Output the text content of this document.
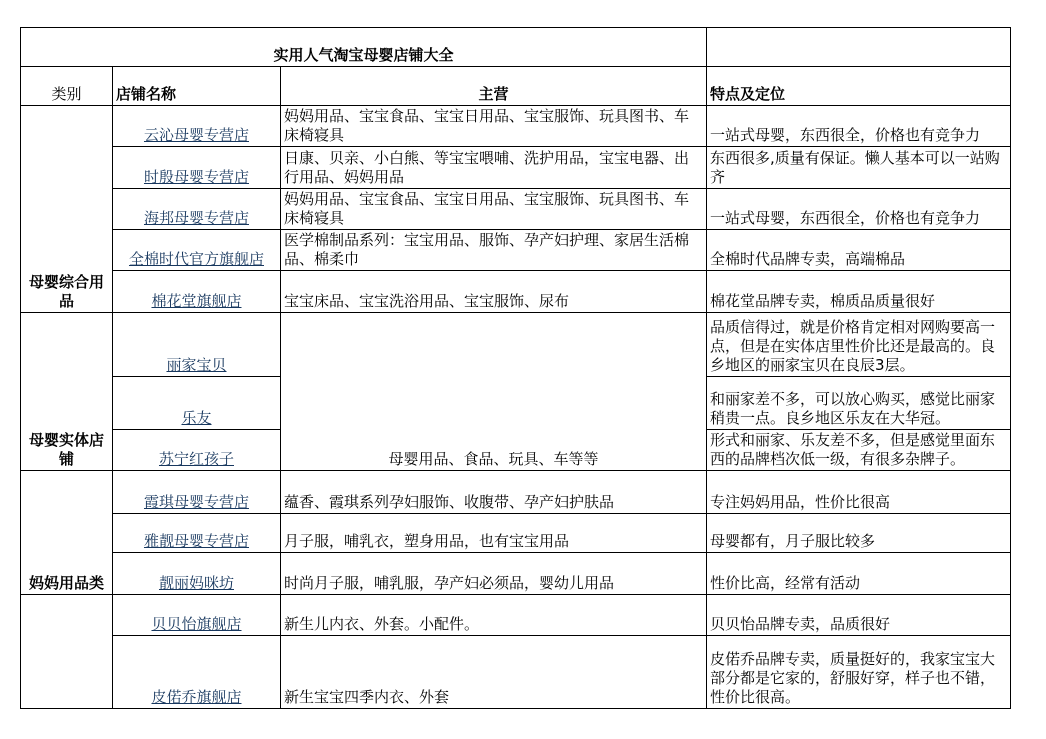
实用人气淘宝母婴店铺大全			
类别	店铺名称	主营	特点及定位
母婴综合用品	云沁母婴专营店	妈妈用品、宝宝食品、宝宝日用品、宝宝服饰、玩具图书、车床椅寝具	一站式母婴，东西很全，价格也有竞争力
	时殷母婴专营店	日康、贝亲、小白熊、等宝宝喂哺、洗护用品，宝宝电器、出行用品、妈妈用品	东西很多,质量有保证。懒人基本可以一站购齐
	海邦母婴专营店	妈妈用品、宝宝食品、宝宝日用品、宝宝服饰、玩具图书、车床椅寝具	一站式母婴，东西很全，价格也有竞争力
	全棉时代官方旗舰店	医学棉制品系列：宝宝用品、服饰、孕产妇护理、家居生活棉品、棉柔巾	全棉时代品牌专卖，高端棉品
	棉花堂旗舰店	宝宝床品、宝宝洗浴用品、宝宝服饰、尿布	棉花堂品牌专卖，棉质品质量很好
母婴实体店铺	丽家宝贝	母婴用品、食品、玩具、车等等	品质信得过，就是价格肯定相对网购要高一点，但是在实体店里性价比还是最高的。良乡地区的丽家宝贝在良辰3层。
	乐友		和丽家差不多，可以放心购买，感觉比丽家稍贵一点。良乡地区乐友在大华冠。
	苏宁红孩子		形式和丽家、乐友差不多，但是感觉里面东西的品牌档次低一级，有很多杂牌子。
妈妈用品类	霞琪母婴专营店	蕴香、霞琪系列孕妇服饰、收腹带、孕产妇护肤品	专注妈妈用品，性价比很高
	雅靓母婴专营店	月子服，哺乳衣，塑身用品，也有宝宝用品	母婴都有，月子服比较多
	靓丽妈咪坊	时尚月子服，哺乳服，孕产妇必须品，婴幼儿用品	性价比高，经常有活动
	贝贝怡旗舰店	新生儿内衣、外套。小配件。	贝贝怡品牌专卖，品质很好
	皮偌乔旗舰店	新生宝宝四季内衣、外套	皮偌乔品牌专卖，质量挺好的，我家宝宝大部分都是它家的，舒服好穿，样子也不错，性价比很高。
